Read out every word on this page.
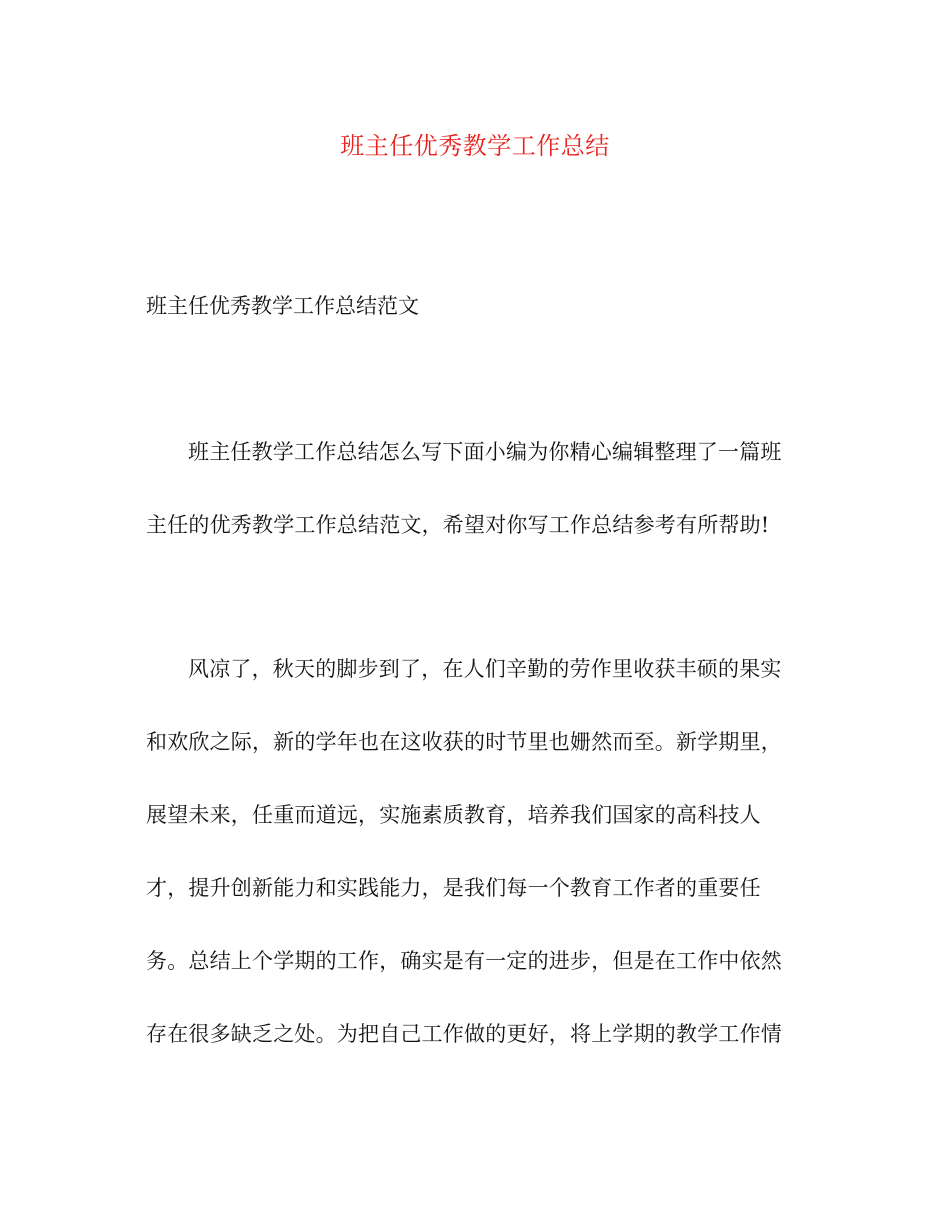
班主任优秀教学工作总结
班主任优秀教学工作总结范文
班主任教学工作总结怎么写下面小编为你精心编辑整理了一篇班
主任的优秀教学工作总结范文，希望对你写工作总结参考有所帮助!
风凉了，秋天的脚步到了，在人们辛勤的劳作里收获丰硕的果实
和欢欣之际，新的学年也在这收获的时节里也姗然而至。新学期里，
展望未来，任重而道远，实施素质教育，培养我们国家的高科技人
才，提升创新能力和实践能力，是我们每一个教育工作者的重要任
务。总结上个学期的工作，确实是有一定的进步，但是在工作中依然
存在很多缺乏之处。为把自己工作做的更好，将上学期的教学工作情
